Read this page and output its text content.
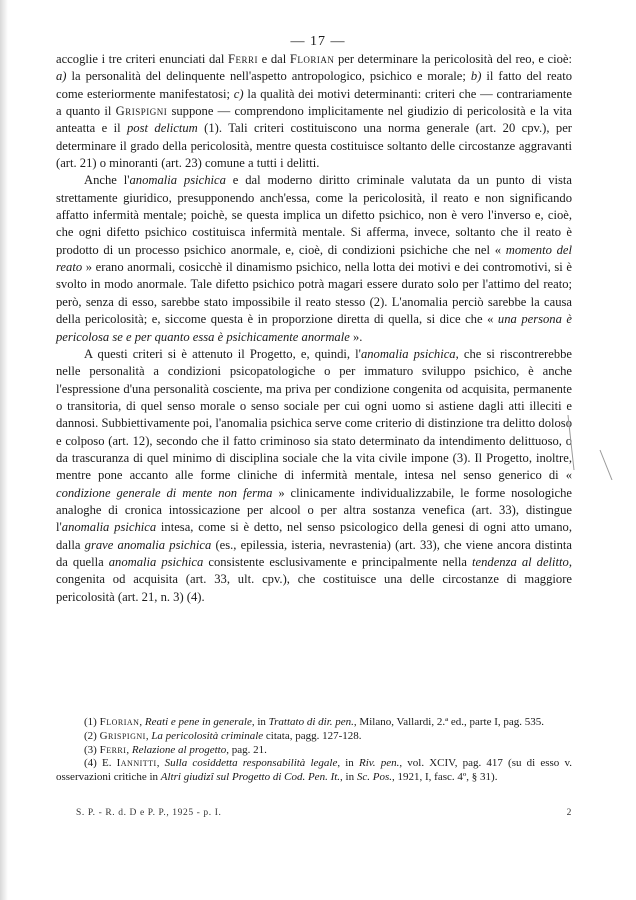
— 17 —

accoglie i tre criteri enunciati dal Ferri e dal Florian per determinare la pericolosità del reo, e cioè: a) la personalità del delinquente nell'aspetto antropologico, psichico e morale; b) il fatto del reato come esteriormente manifestatosi; c) la qualità dei motivi determinanti: criteri che — contrariamente a quanto il Grispigni suppone — comprendono implicitamente nel giudizio di pericolosità e la vita anteatta e il post delictum (1). Tali criteri costituiscono una norma generale (art. 20 cpv.), per determinare il grado della pericolosità, mentre questa costituisce soltanto delle circostanze aggravanti (art. 21) o minoranti (art. 23) comune a tutti i delitti.

Anche l'anomalia psichica e dal moderno diritto criminale valutata da un punto di vista strettamente giuridico, presupponendo anch'essa, come la pericolosità, il reato e non significando affatto infermità mentale; poichè, se questa implica un difetto psichico, non è vero l'inverso e, cioè, che ogni difetto psichico costituisca infermità mentale. Si afferma, invece, soltanto che il reato è prodotto di un processo psichico anormale, e, cioè, di condizioni psichiche che nel « momento del reato » erano anormali, cosicchè il dinamismo psichico, nella lotta dei motivi e dei contromotivi, si è svolto in modo anormale. Tale difetto psichico potrà magari essere durato solo per l'attimo del reato; però, senza di esso, sarebbe stato impossibile il reato stesso (2). L'anomalia perciò sarebbe la causa della pericolosità; e, siccome questa è in proporzione diretta di quella, si dice che « una persona è pericolosa se e per quanto essa è psichicamente anormale ».

A questi criteri si è attenuto il Progetto, e, quindi, l'anomalia psichica, che si riscontrerebbe nelle personalità a condizioni psicopatologiche o per immaturo sviluppo psichico, è anche l'espressione d'una personalità cosciente, ma priva per condizione congenita od acquisita, permanente o transitoria, di quel senso morale o senso sociale per cui ogni uomo si astiene dagli atti illeciti e dannosi. Subbiettivamente poi, l'anomalia psichica serve come criterio di distinzione tra delitto doloso e colposo (art. 12), secondo che il fatto criminoso sia stato determinato da intendimento delittuoso, o da trascuranza di quel minimo di disciplina sociale che la vita civile impone (3). Il Progetto, inoltre, mentre pone accanto alle forme cliniche di infermità mentale, intesa nel senso generico di « condizione generale di mente non ferma » clinicamente individualizzabile, le forme nosologiche analoghe di cronica intossicazione per alcool o per altra sostanza venefica (art. 33), distingue l'anomalia psichica intesa, come si è detto, nel senso psicologico della genesi di ogni atto umano, dalla grave anomalia psichica (es., epilessia, isteria, nevrastenia) (art. 33), che viene ancora distinta da quella anomalia psichica consistente esclusivamente e principalmente nella tendenza al delitto, congenita od acquisita (art. 33, ult. cpv.), che costituisce una delle circostanze di maggiore pericolosità (art. 21, n. 3) (4).

(1) Florian, Reati e pene in generale, in Trattato di dir. pen., Milano, Vallardi, 2.ª ed., parte I, pag. 535.

(2) Grispigni, La pericolosità criminale citata, pagg. 127-128.

(3) Ferri, Relazione al progetto, pag. 21.

(4) E. Iannitti, Sulla cosiddetta responsabilità legale, in Riv. pen., vol. XCIV, pag. 417 (su di esso v. osservazioni critiche in Altri giudizî sul Progetto di Cod. Pen. It., in Sc. Pos., 1921, I, fasc. 4º, § 31).

S. P. - R. d. D e P. P., 1925 - p. I.	2
